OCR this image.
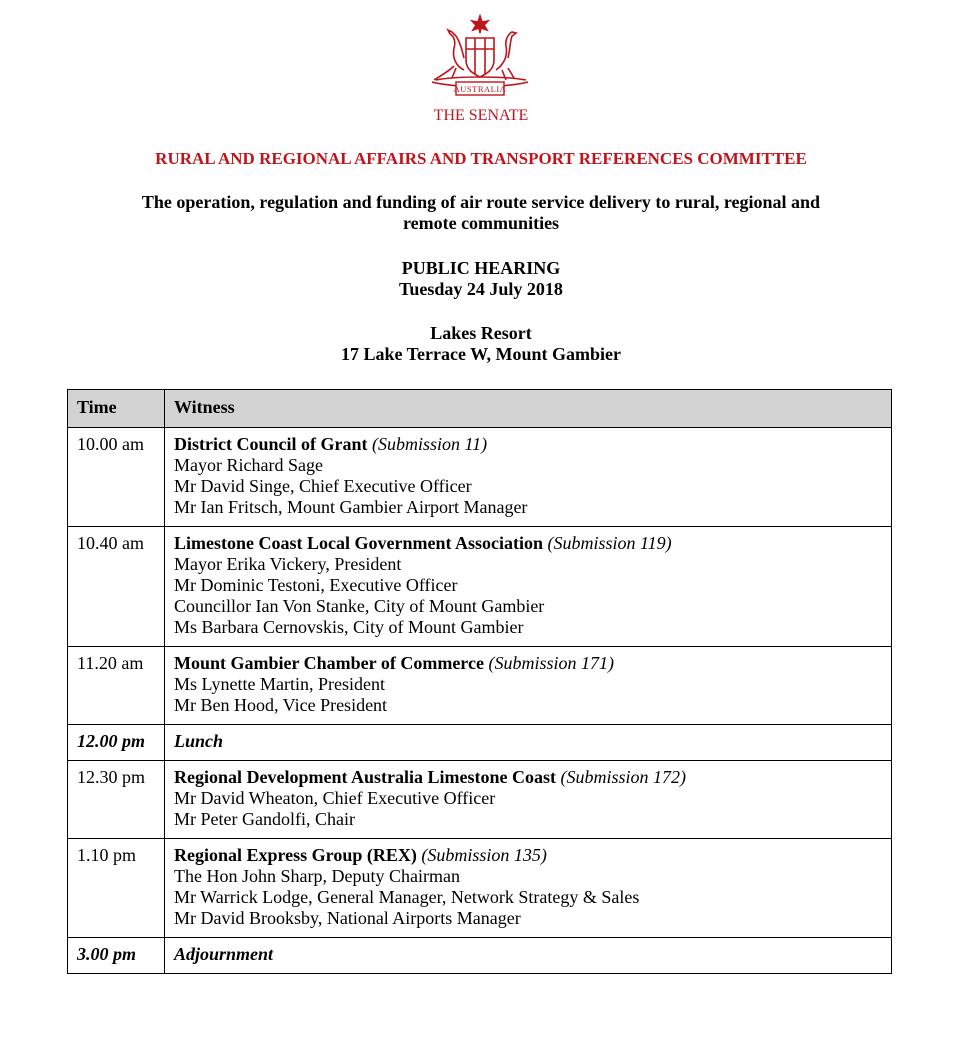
AUSTRALIA
THE SENATE
RURAL AND REGIONAL AFFAIRS AND TRANSPORT REFERENCES COMMITTEE
The operation, regulation and funding of air route service delivery to rural, regional and
remote communities
PUBLIC HEARING
Tuesday 24 July 2018
Lakes Resort
17 Lake Terrace W, Mount Gambier
Time	Witness
10.00 am	District Council of Grant (Submission 11)
Mayor Richard Sage
Mr David Singe, Chief Executive Officer
Mr Ian Fritsch, Mount Gambier Airport Manager

10.40 am	Limestone Coast Local Government Association (Submission 119)
Mayor Erika Vickery, President
Mr Dominic Testoni, Executive Officer
Councillor Ian Von Stanke, City of Mount Gambier
Ms Barbara Cernovskis, City of Mount Gambier

11.20 am	Mount Gambier Chamber of Commerce (Submission 171)
Ms Lynette Martin, President
Mr Ben Hood, Vice President

12.00 pm	Lunch
12.30 pm	Regional Development Australia Limestone Coast (Submission 172)
Mr David Wheaton, Chief Executive Officer
Mr Peter Gandolfi, Chair

1.10 pm	Regional Express Group (REX) (Submission 135)
The Hon John Sharp, Deputy Chairman
Mr Warrick Lodge, General Manager, Network Strategy & Sales
Mr David Brooksby, National Airports Manager

3.00 pm	Adjournment
